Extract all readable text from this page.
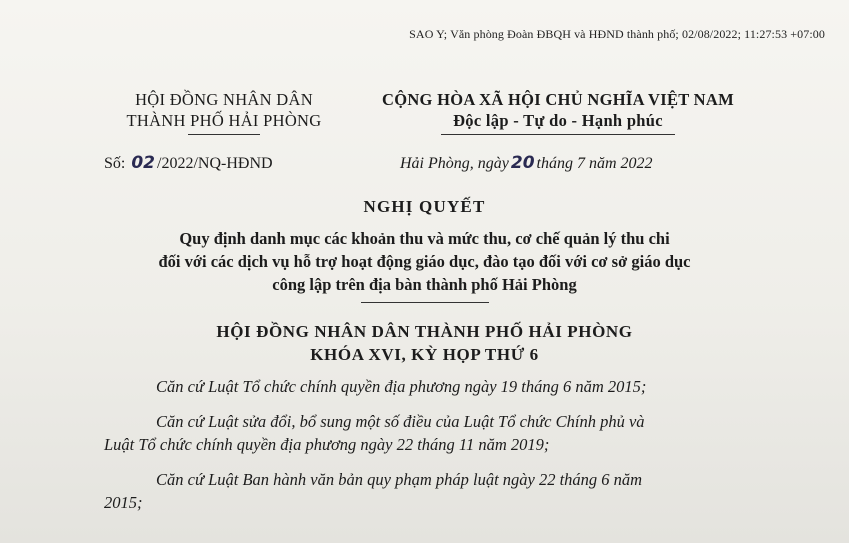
SAO Y; Văn phòng Đoàn ĐBQH và HĐND thành phố; 02/08/2022; 11:27:53 +07:00
HỘI ĐỒNG NHÂN DÂN
THÀNH PHỐ HẢI PHÒNG
CỘNG HÒA XÃ HỘI CHỦ NGHĨA VIỆT NAM
Độc lập - Tự do - Hạnh phúc
Số: 02 /2022/NQ-HĐND	Hải Phòng, ngày 20 tháng 7 năm 2022
NGHỊ QUYẾT
Quy định danh mục các khoản thu và mức thu, cơ chế quản lý thu chi
đối với các dịch vụ hỗ trợ hoạt động giáo dục, đào tạo đối với cơ sở giáo dục
công lập trên địa bàn thành phố Hải Phòng
HỘI ĐỒNG NHÂN DÂN THÀNH PHỐ HẢI PHÒNG
KHÓA XVI, KỲ HỌP THỨ 6

Căn cứ Luật Tổ chức chính quyền địa phương ngày 19 tháng 6 năm 2015;

Căn cứ Luật sửa đổi, bổ sung một số điều của Luật Tổ chức Chính phủ và
Luật Tổ chức chính quyền địa phương ngày 22 tháng 11 năm 2019;

Căn cứ Luật Ban hành văn bản quy phạm pháp luật ngày 22 tháng 6 năm
2015;
